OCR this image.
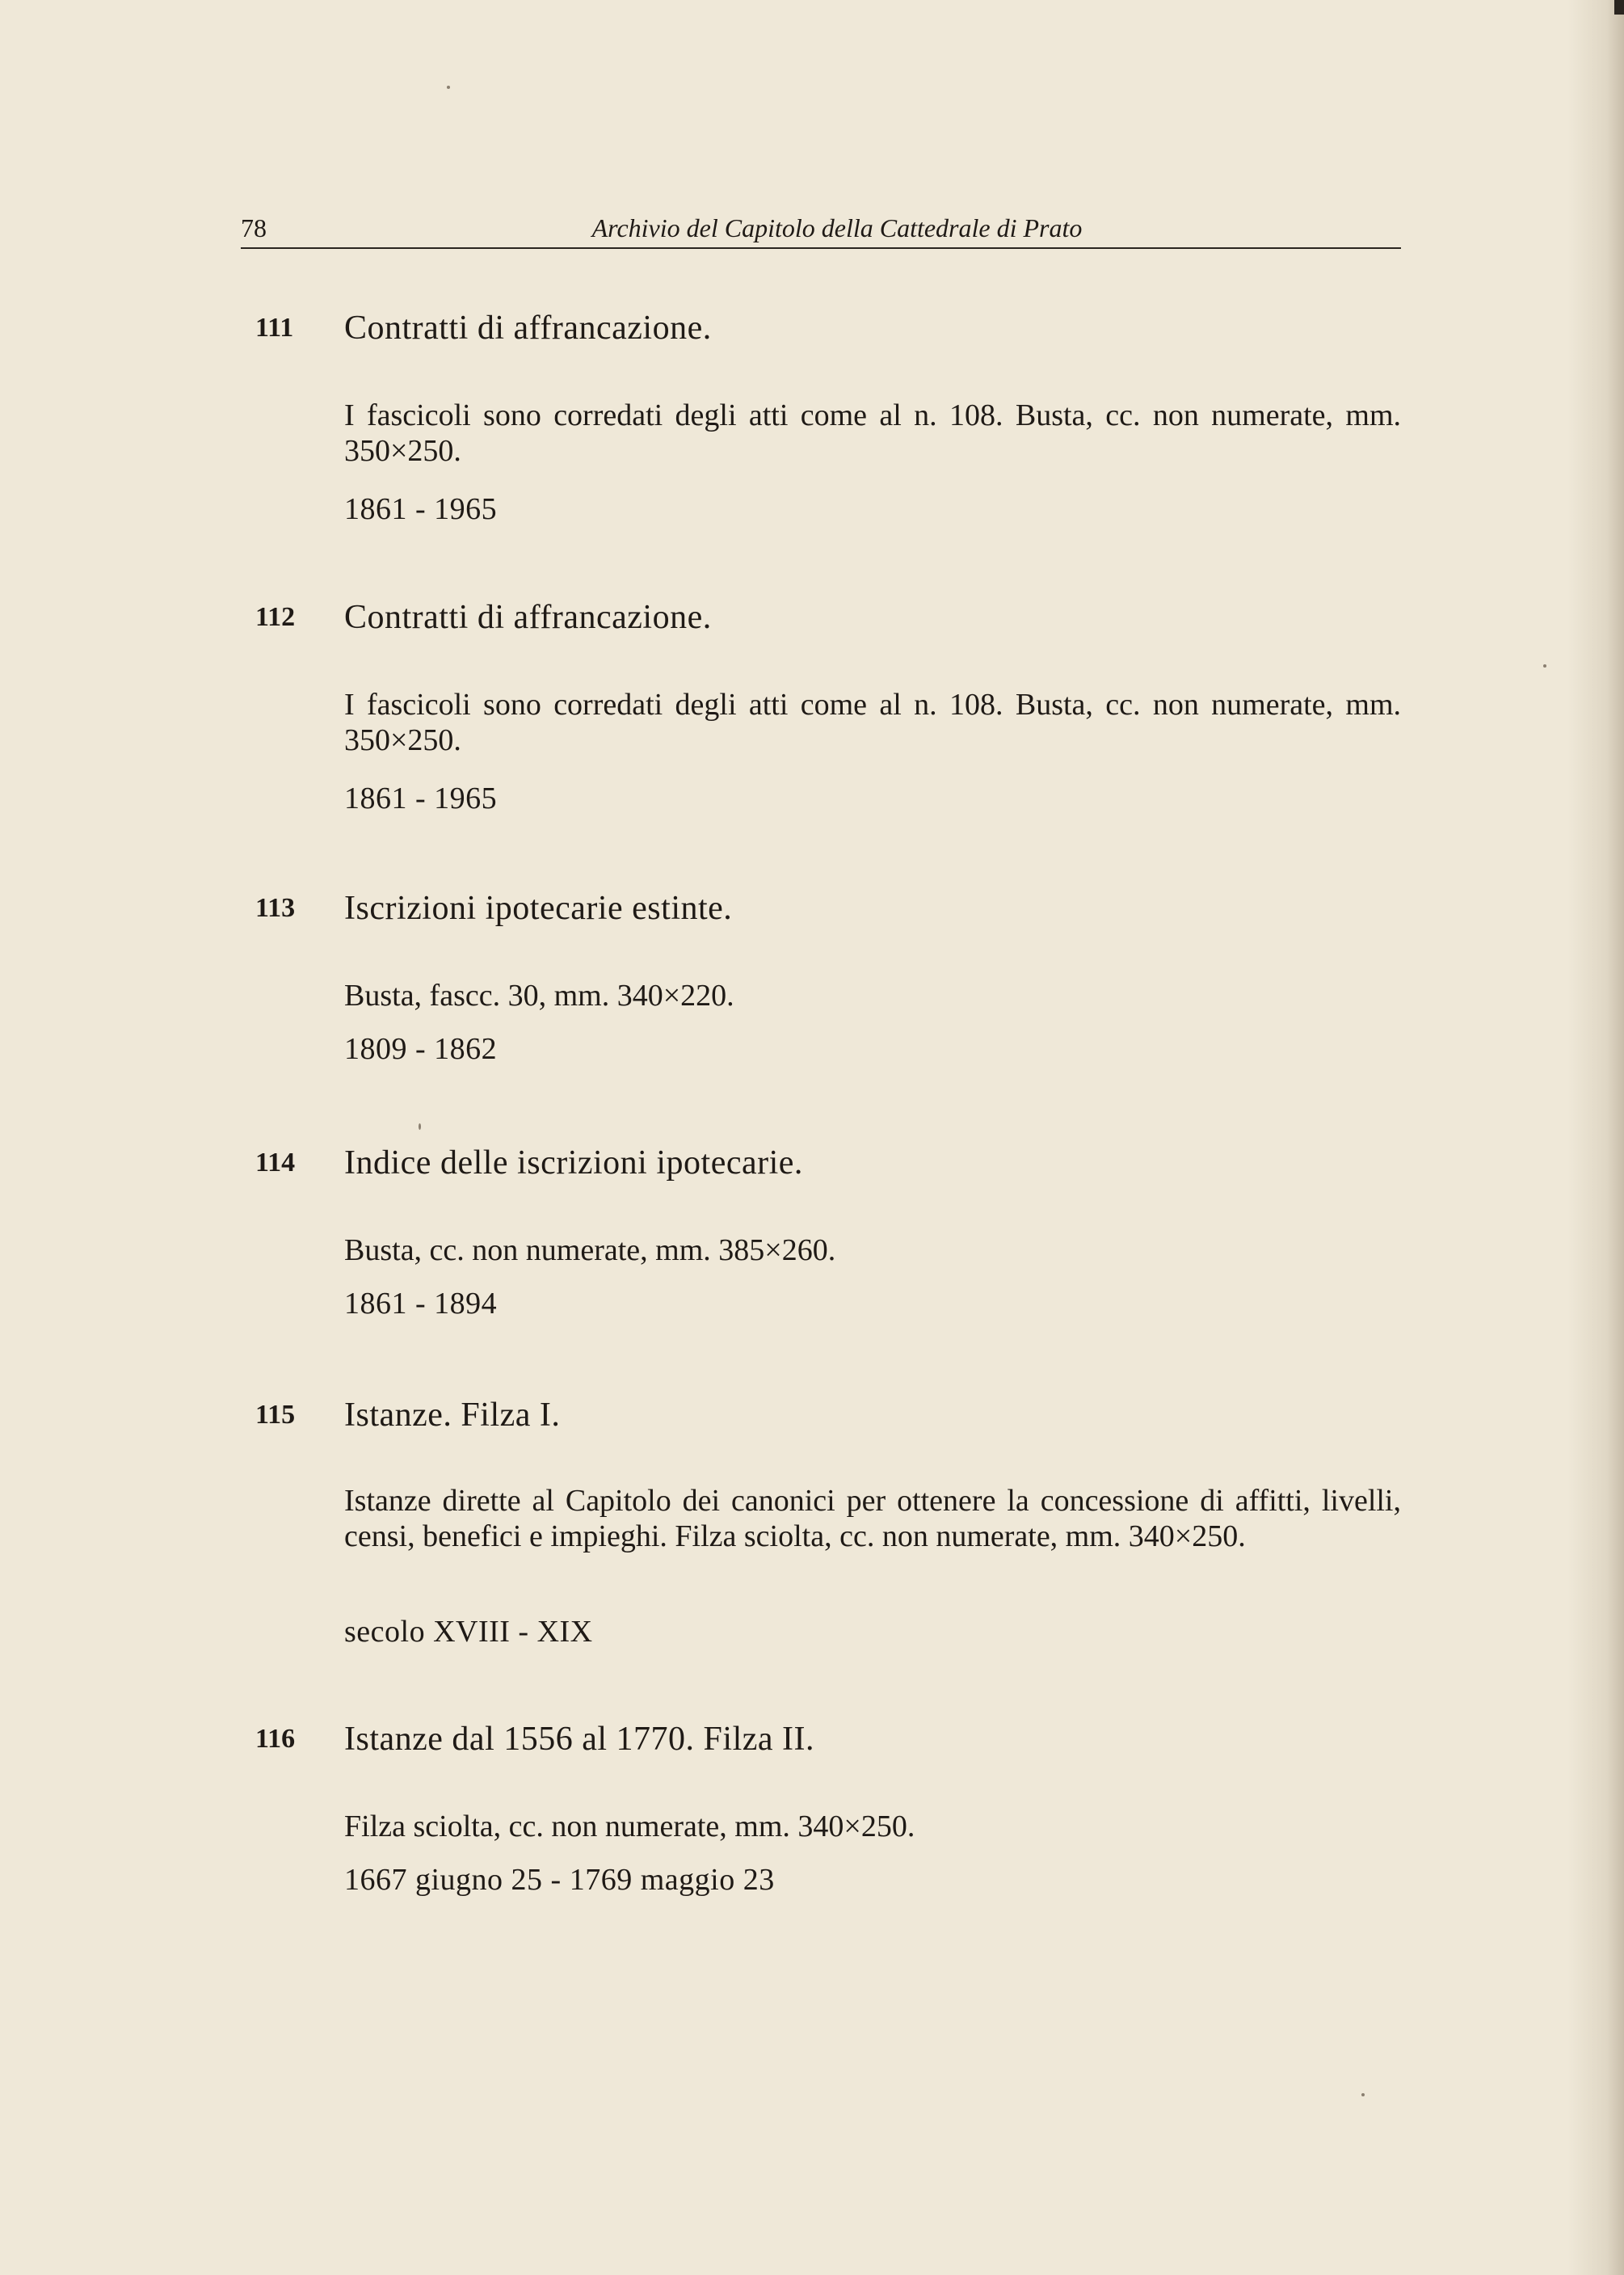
78	Archivio del Capitolo della Cattedrale di Prato
111 Contratti di affrancazione.
I fascicoli sono corredati degli atti come al n. 108. Busta, cc. non numerate, mm. 350×250.
1861 - 1965
112 Contratti di affrancazione.
I fascicoli sono corredati degli atti come al n. 108. Busta, cc. non numerate, mm. 350×250.
1861 - 1965
113 Iscrizioni ipotecarie estinte.
Busta, fascc. 30, mm. 340×220.
1809 - 1862
114 Indice delle iscrizioni ipotecarie.
Busta, cc. non numerate, mm. 385×260.
1861 - 1894
115 Istanze. Filza I.
Istanze dirette al Capitolo dei canonici per ottenere la concessione di affitti, livelli, censi, benefici e impieghi. Filza sciolta, cc. non numerate, mm. 340×250.
secolo XVIII - XIX
116 Istanze dal 1556 al 1770. Filza II.
Filza sciolta, cc. non numerate, mm. 340×250.
1667 giugno 25 - 1769 maggio 23
